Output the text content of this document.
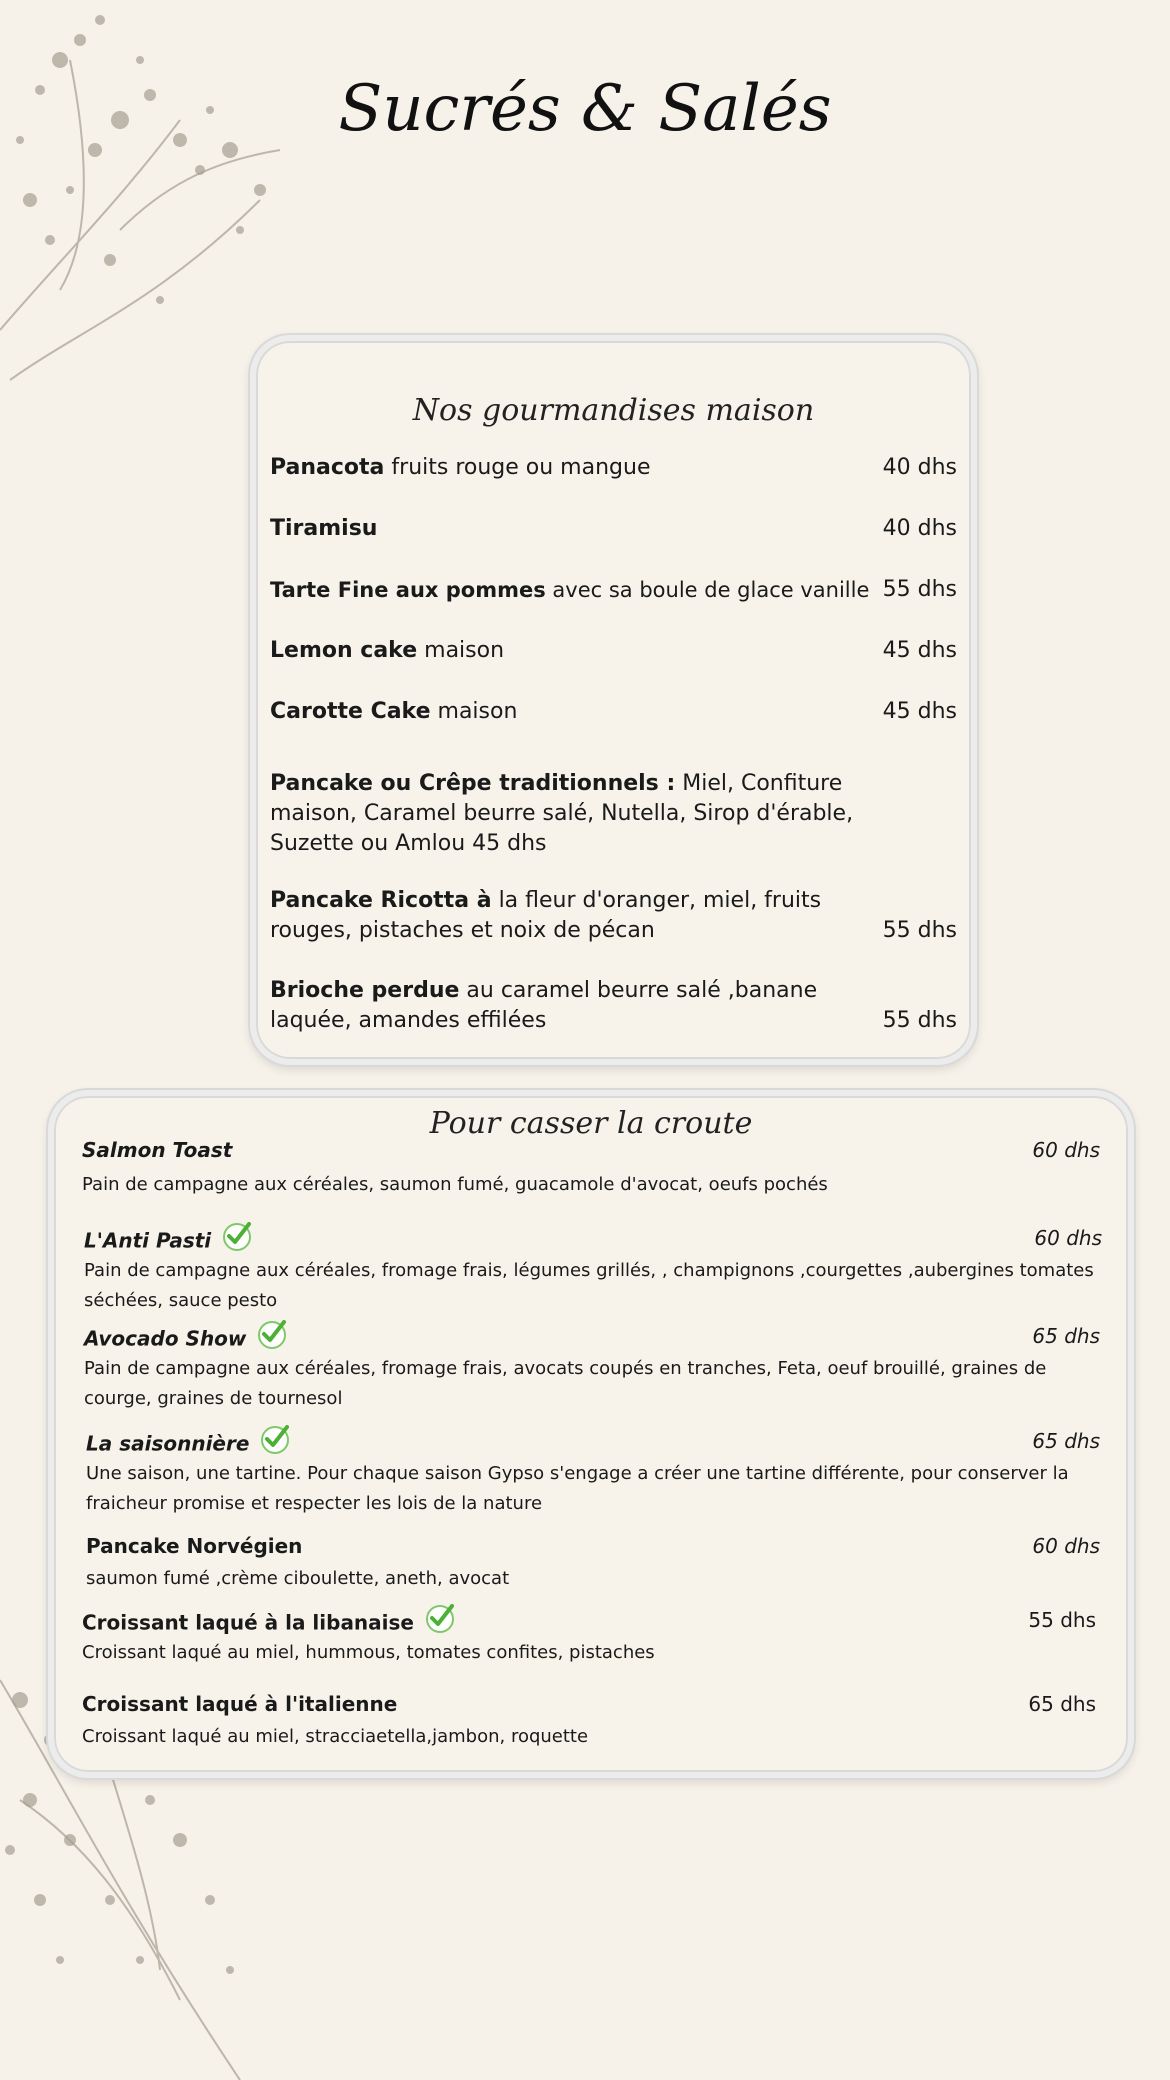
Sucrés & Salés
Nos gourmandises maison
Panacota fruits rouge ou mangue	40 dhs
Tiramisu	40 dhs
Tarte Fine aux pommes avec sa boule de glace vanille 55 dhs
Lemon cake maison	45 dhs
Carotte Cake maison	45 dhs
Pancake ou Crêpe traditionnels : Miel, Confiture maison, Caramel beurre salé, Nutella, Sirop d'érable, Suzette ou Amlou 45 dhs
Pancake Ricotta à la fleur d'oranger, miel, fruits rouges, pistaches et noix de pécan	55 dhs
Brioche perdue au caramel beurre salé ,banane laquée, amandes effilées	55 dhs
Pour casser la croute
Salmon Toast	60 dhs
Pain de campagne aux céréales, saumon fumé, guacamole d'avocat, oeufs pochés
L'Anti Pasti	60 dhs
Pain de campagne aux céréales, fromage frais, légumes grillés, , champignons ,courgettes ,aubergines tomates séchées, sauce pesto
Avocado Show	65 dhs
Pain de campagne aux céréales, fromage frais, avocats coupés en tranches, Feta, oeuf brouillé, graines de courge, graines de tournesol
La saisonnière	65 dhs
Une saison, une tartine. Pour chaque saison Gypso s'engage a créer une tartine différente, pour conserver la fraicheur promise et respecter les lois de la nature
Pancake Norvégien	60 dhs
saumon fumé ,crème ciboulette, aneth, avocat
Croissant laqué à la libanaise	55 dhs
Croissant laqué au miel, hummous, tomates confites, pistaches
Croissant laqué à l'italienne	65 dhs
Croissant laqué au miel, stracciaetella,jambon, roquette
